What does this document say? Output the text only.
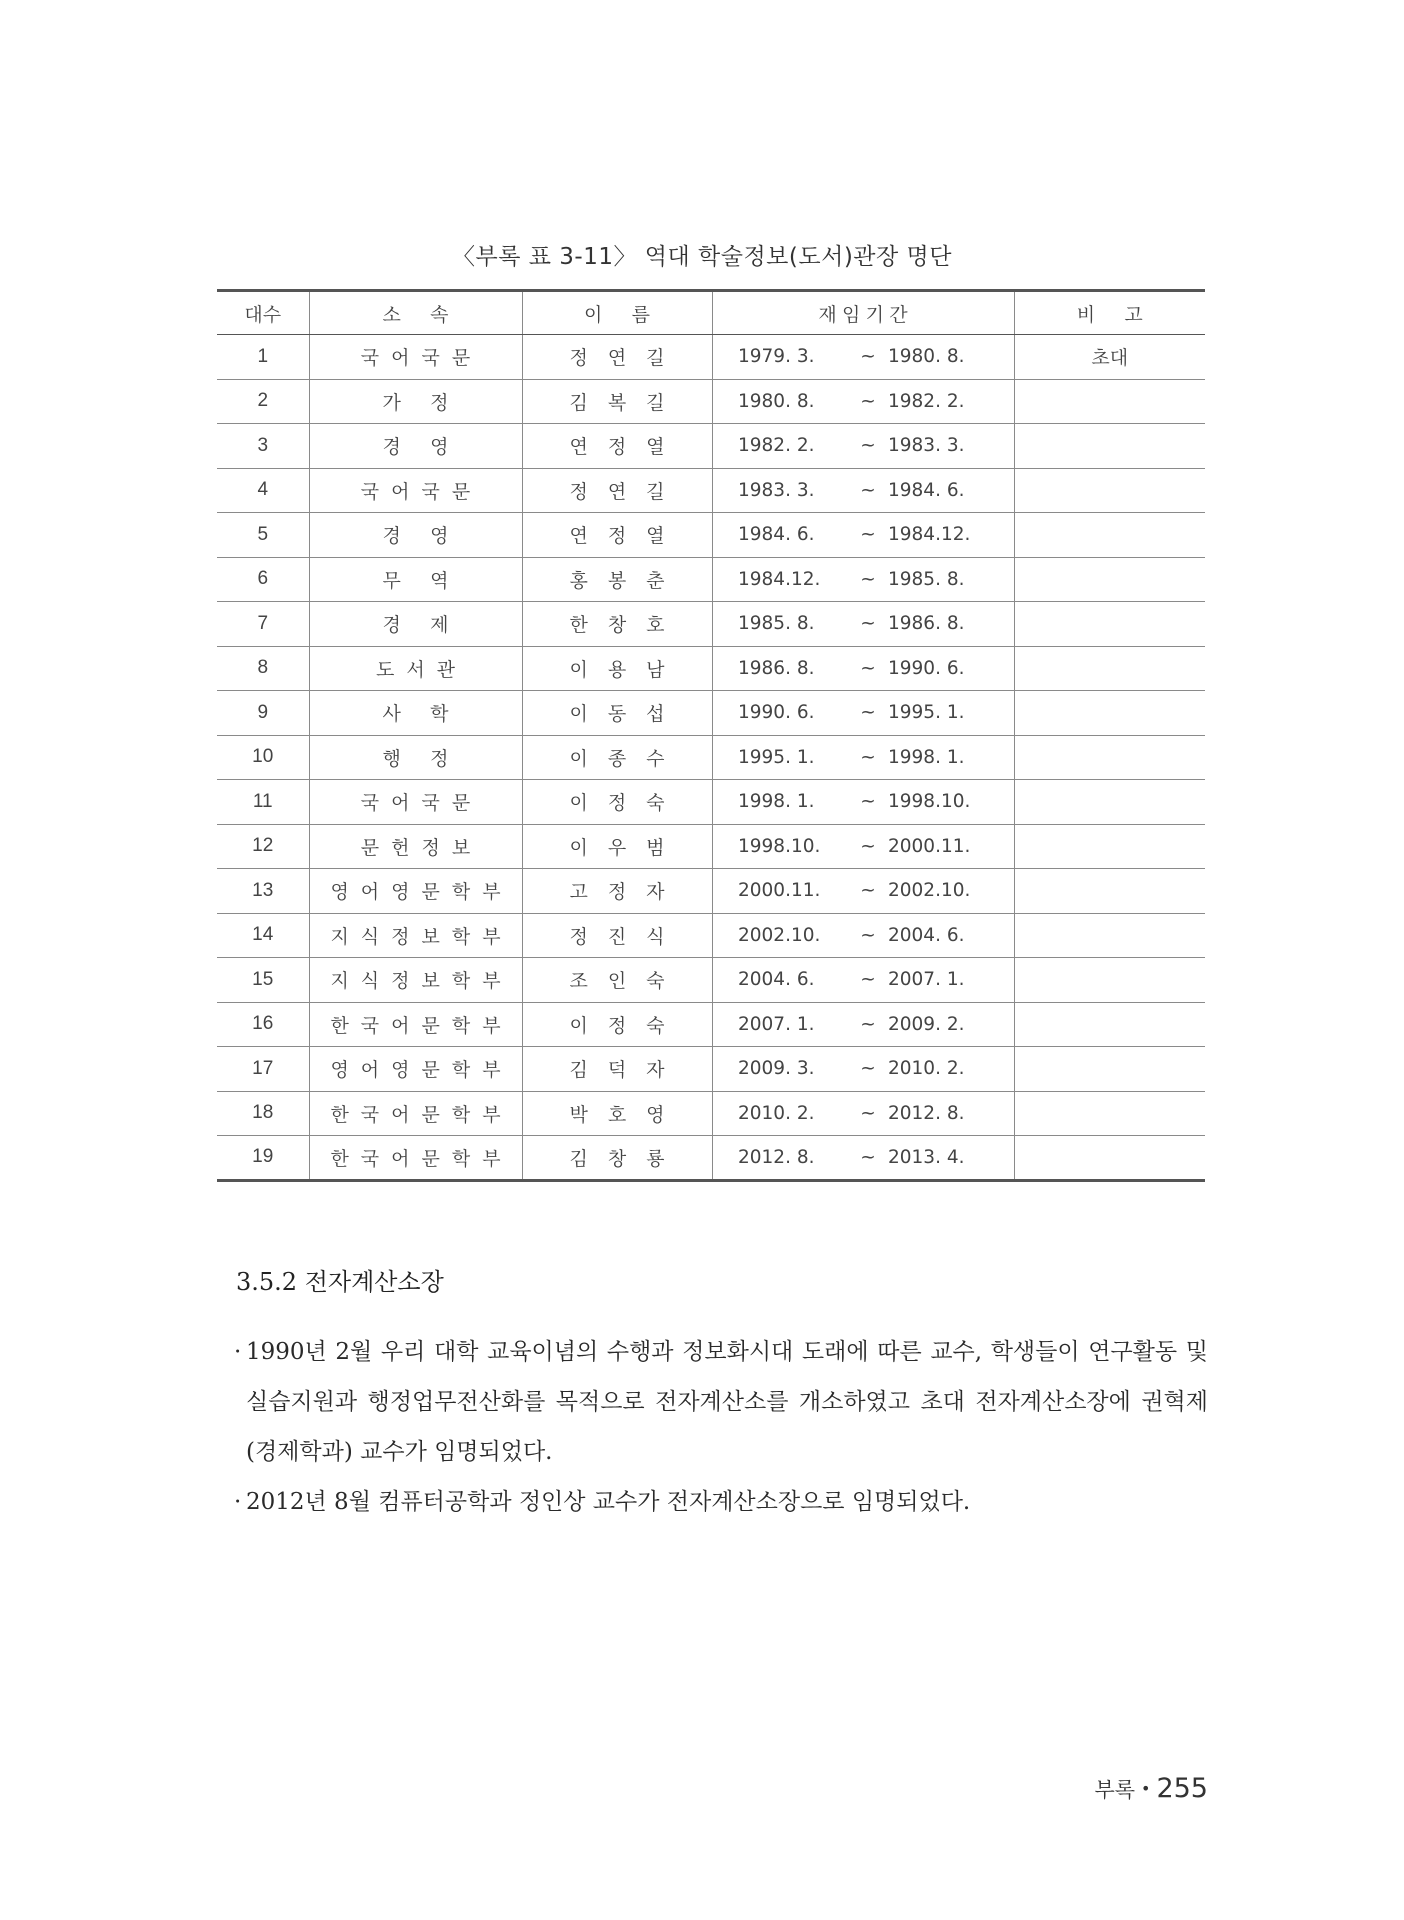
〈부록 표 3-11〉 역대 학술정보(도서)관장 명단
대수	소 속	이 름	재 임 기 간	비 고
1	국어국문	정연길	1979. 3. ~ 1980. 8.	초대
2	가 정	김복길	1980. 8. ~ 1982. 2.	
3	경 영	연정열	1982. 2. ~ 1983. 3.	
4	국어국문	정연길	1983. 3. ~ 1984. 6.	
5	경 영	연정열	1984. 6. ~ 1984.12.	
6	무 역	홍봉춘	1984.12. ~ 1985. 8.	
7	경 제	한창호	1985. 8. ~ 1986. 8.	
8	도서관	이용남	1986. 8. ~ 1990. 6.	
9	사 학	이동섭	1990. 6. ~ 1995. 1.	
10	행 정	이종수	1995. 1. ~ 1998. 1.	
11	국어국문	이정숙	1998. 1. ~ 1998.10.	
12	문헌정보	이우범	1998.10. ~ 2000.11.	
13	영어영문학부	고정자	2000.11. ~ 2002.10.	
14	지식정보학부	정진식	2002.10. ~ 2004. 6.	
15	지식정보학부	조인숙	2004. 6. ~ 2007. 1.	
16	한국어문학부	이정숙	2007. 1. ~ 2009. 2.	
17	영어영문학부	김덕자	2009. 3. ~ 2010. 2.	
18	한국어문학부	박호영	2010. 2. ~ 2012. 8.	
19	한국어문학부	김창룡	2012. 8. ~ 2013. 4.	
3.5.2 전자계산소장
· 1990년 2월 우리 대학 교육이념의 수행과 정보화시대 도래에 따른 교수, 학생들이 연구활동 및 실습지원과 행정업무전산화를 목적으로 전자계산소를 개소하였고 초대 전자계산소장에 권혁제(경제학과) 교수가 임명되었다.
· 2012년 8월 컴퓨터공학과 정인상 교수가 전자계산소장으로 임명되었다.
부록 • 255
